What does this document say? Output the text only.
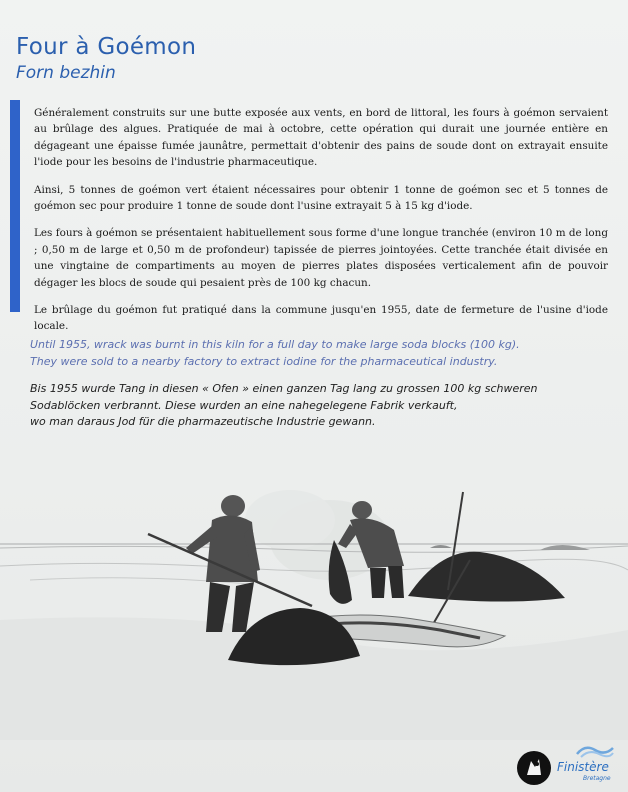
Four à Goémon
Forn bezhin

Généralement construits sur une butte exposée aux vents, en bord de littoral, les fours à goémon servaient au brûlage des algues. Pratiquée de mai à octobre, cette opération qui durait une journée entière en dégageant une épaisse fumée jaunâtre, permettait d'obtenir des pains de soude dont on extrayait ensuite l'iode pour les besoins de l'industrie pharmaceutique.

Ainsi, 5 tonnes de goémon vert étaient nécessaires pour obtenir 1 tonne de goémon sec et 5 tonnes de goémon sec pour produire 1 tonne de soude dont l'usine extrayait 5 à 15 kg d'iode.

Les fours à goémon se présentaient habituellement sous forme d'une longue tranchée (environ 10 m de long ; 0,50 m de large et 0,50 m de profondeur) tapissée de pierres jointoyées. Cette tranchée était divisée en une vingtaine de compartiments au moyen de pierres plates disposées verticalement afin de pouvoir dégager les blocs de soude qui pesaient près de 100 kg chacun.

Le brûlage du goémon fut pratiqué dans la commune jusqu'en 1955, date de fermeture de l'usine d'iode locale.

Until 1955, wrack was burnt in this kiln for a full day to make large soda blocks (100 kg).
They were sold to a nearby factory to extract iodine for the pharmaceutical industry.
Bis 1955 wurde Tang in diesen « Ofen » einen ganzen Tag lang zu grossen 100 kg schweren
Sodablöcken verbrannt. Diese wurden an eine nahegelegene Fabrik verkauft,
wo man daraus Jod für die pharmazeutische Industrie gewann.
Finistère
Bretagne
